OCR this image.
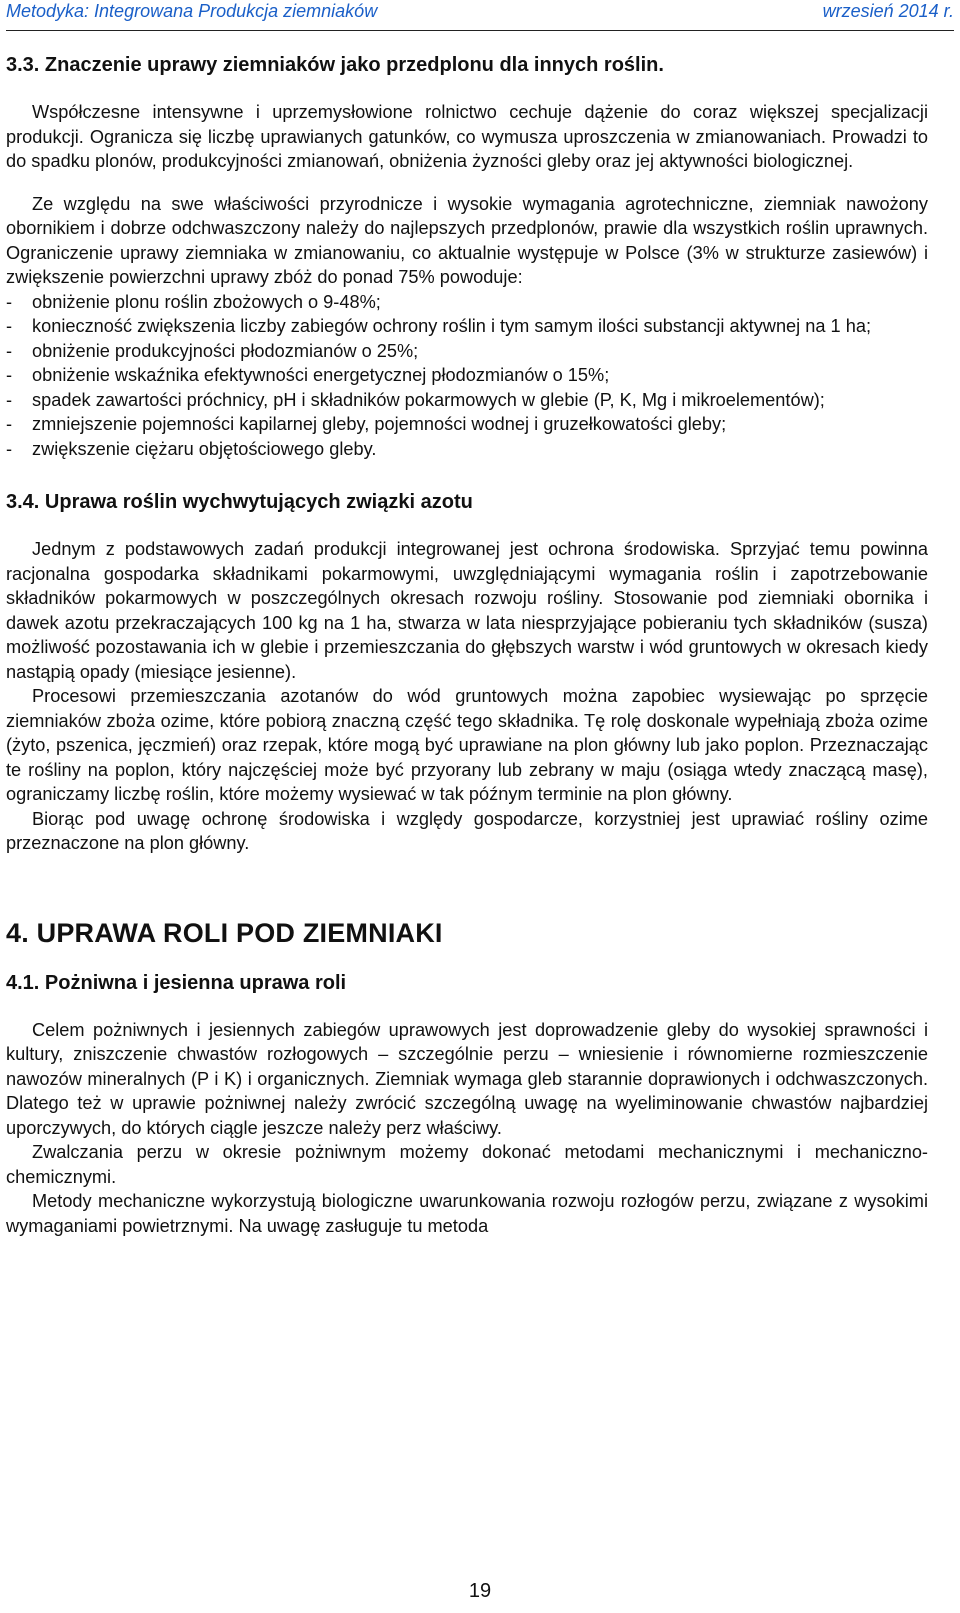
Metodyka: Integrowana Produkcja ziemniaków	wrzesień 2014 r.
3.3. Znaczenie uprawy ziemniaków jako przedplonu dla innych roślin.

Współczesne intensywne i uprzemysłowione rolnictwo cechuje dążenie do coraz większej specjalizacji produkcji. Ogranicza się liczbę uprawianych gatunków, co wymusza uproszczenia w zmianowaniach. Prowadzi to do spadku plonów, produkcyjności zmianowań, obniżenia żyzności gleby oraz jej aktywności biologicznej.

Ze względu na swe właściwości przyrodnicze i wysokie wymagania agrotechniczne, ziemniak nawożony obornikiem i dobrze odchwaszczony należy do najlepszych przedplonów, prawie dla wszystkich roślin uprawnych. Ograniczenie uprawy ziemniaka w zmianowaniu, co aktualnie występuje w Polsce (3% w strukturze zasiewów) i zwiększenie powierzchni uprawy zbóż do ponad 75% powoduje:

- obniżenie plonu roślin zbożowych o 9-48%;
- konieczność zwiększenia liczby zabiegów ochrony roślin i tym samym ilości substancji aktywnej na 1 ha;
- obniżenie produkcyjności płodozmianów o 25%;
- obniżenie wskaźnika efektywności energetycznej płodozmianów o 15%;
- spadek zawartości próchnicy, pH i składników pokarmowych w glebie (P, K, Mg i mikroelementów);
- zmniejszenie pojemności kapilarnej gleby, pojemności wodnej i gruzełkowatości gleby;
- zwiększenie ciężaru objętościowego gleby.
3.4. Uprawa roślin wychwytujących związki azotu

Jednym z podstawowych zadań produkcji integrowanej jest ochrona środowiska. Sprzyjać temu powinna racjonalna gospodarka składnikami pokarmowymi, uwzględniającymi wymagania roślin i zapotrzebowanie składników pokarmowych w poszczególnych okresach rozwoju rośliny. Stosowanie pod ziemniaki obornika i dawek azotu przekraczających 100 kg na 1 ha, stwarza w lata niesprzyjające pobieraniu tych składników (susza) możliwość pozostawania ich w glebie i przemieszczania do głębszych warstw i wód gruntowych w okresach kiedy nastąpią opady (miesiące jesienne).

Procesowi przemieszczania azotanów do wód gruntowych można zapobiec wysiewając po sprzęcie ziemniaków zboża ozime, które pobiorą znaczną część tego składnika. Tę rolę doskonale wypełniają zboża ozime (żyto, pszenica, jęczmień) oraz rzepak, które mogą być uprawiane na plon główny lub jako poplon. Przeznaczając te rośliny na poplon, który najczęściej może być przyorany lub zebrany w maju (osiąga wtedy znaczącą masę), ograniczamy liczbę roślin, które możemy wysiewać w tak późnym terminie na plon główny.

Biorąc pod uwagę ochronę środowiska i względy gospodarcze, korzystniej jest uprawiać rośliny ozime przeznaczone na plon główny.

4. UPRAWA ROLI POD ZIEMNIAKI
4.1. Pożniwna i jesienna uprawa roli

Celem pożniwnych i jesiennych zabiegów uprawowych jest doprowadzenie gleby do wysokiej sprawności i kultury, zniszczenie chwastów rozłogowych – szczególnie perzu – wniesienie i równomierne rozmieszczenie nawozów mineralnych (P i K) i organicznych. Ziemniak wymaga gleb starannie doprawionych i odchwaszczonych. Dlatego też w uprawie pożniwnej należy zwrócić szczególną uwagę na wyeliminowanie chwastów najbardziej uporczywych, do których ciągle jeszcze należy perz właściwy.

Zwalczania perzu w okresie pożniwnym możemy dokonać metodami mechanicznymi i mechaniczno-chemicznymi.

Metody mechaniczne wykorzystują biologiczne uwarunkowania rozwoju rozłogów perzu, związane z wysokimi wymaganiami powietrznymi. Na uwagę zasługuje tu metoda

19
